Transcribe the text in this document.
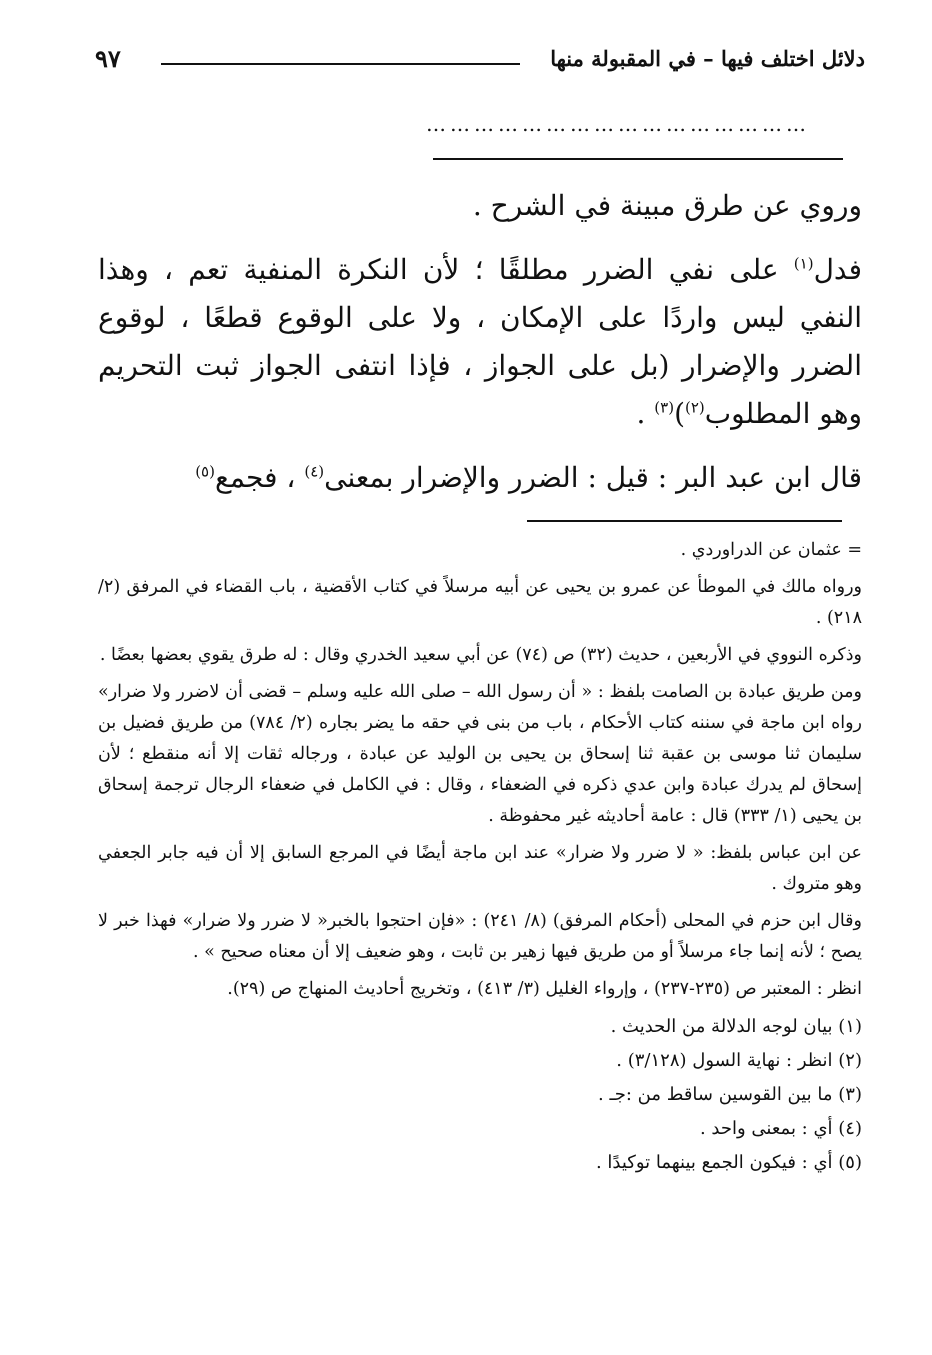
دلائل اختلف فيها – في المقبولة منها
٩٧
…………………………………………

وروي عن طرق مبينة في الشرح .

فدل$^{(١)}$ على نفي الضرر مطلقًا ؛ لأن النكرة المنفية تعم ، وهذا النفي ليس واردًا على الإمكان ، ولا على الوقوع قطعًا ، لوقوع الضرر والإضرار (بل على الجواز ، فإذا انتفى الجواز ثبت التحريم وهو المطلوب$^{(٢)}$)$^{(٣)}$ .

قال ابن عبد البر : قيل : الضرر والإضرار بمعنى$^{(٤)}$ ، فجمع$^{(٥)}$

= عثمان عن الدراوردي .

ورواه مالك في الموطأ عن عمرو بن يحيى عن أبيه مرسلاً في كتاب الأقضية ، باب القضاء في المرفق (٢/ ٢١٨) .

وذكره النووي في الأربعين ، حديث (٣٢) ص (٧٤) عن أبي سعيد الخدري وقال : له طرق يقوي بعضها بعضًا .

ومن طريق عبادة بن الصامت بلفظ : « أن رسول الله – صلى الله عليه وسلم – قضى أن لاضرر ولا ضرار» رواه ابن ماجة في سننه كتاب الأحكام ، باب من بنى في حقه ما يضر بجاره (٢/ ٧٨٤) من طريق فضيل بن سليمان ثنا موسى بن عقبة ثنا إسحاق بن يحيى بن الوليد عن عبادة ، ورجاله ثقات إلا أنه منقطع ؛ لأن إسحاق لم يدرك عبادة وابن عدي ذكره في الضعفاء ، وقال : في الكامل في ضعفاء الرجال ترجمة إسحاق بن يحيى (١/ ٣٣٣) قال : عامة أحاديثه غير محفوظة .

عن ابن عباس بلفظ: « لا ضرر ولا ضرار» عند ابن ماجة أيضًا في المرجع السابق إلا أن فيه جابر الجعفي وهو متروك .

وقال ابن حزم في المحلى (أحكام المرفق) (٨/ ٢٤١) : «فإن احتجوا بالخبر« لا ضرر ولا ضرار» فهذا خبر لا يصح ؛ لأنه إنما جاء مرسلاً أو من طريق فيها زهير بن ثابت ، وهو ضعيف إلا أن معناه صحيح » .

انظر : المعتبر ص (٢٣٥-٢٣٧) ، وإرواء الغليل (٣/ ٤١٣) ، وتخريج أحاديث المنهاج ص (٢٩).

(١) بيان لوجه الدلالة من الحديث .

(٢) انظر : نهاية السول (٣/١٢٨) .

(٣) ما بين القوسين ساقط من :جـ .

(٤) أي : بمعنى واحد .

(٥) أي : فيكون الجمع بينهما توكيدًا .
